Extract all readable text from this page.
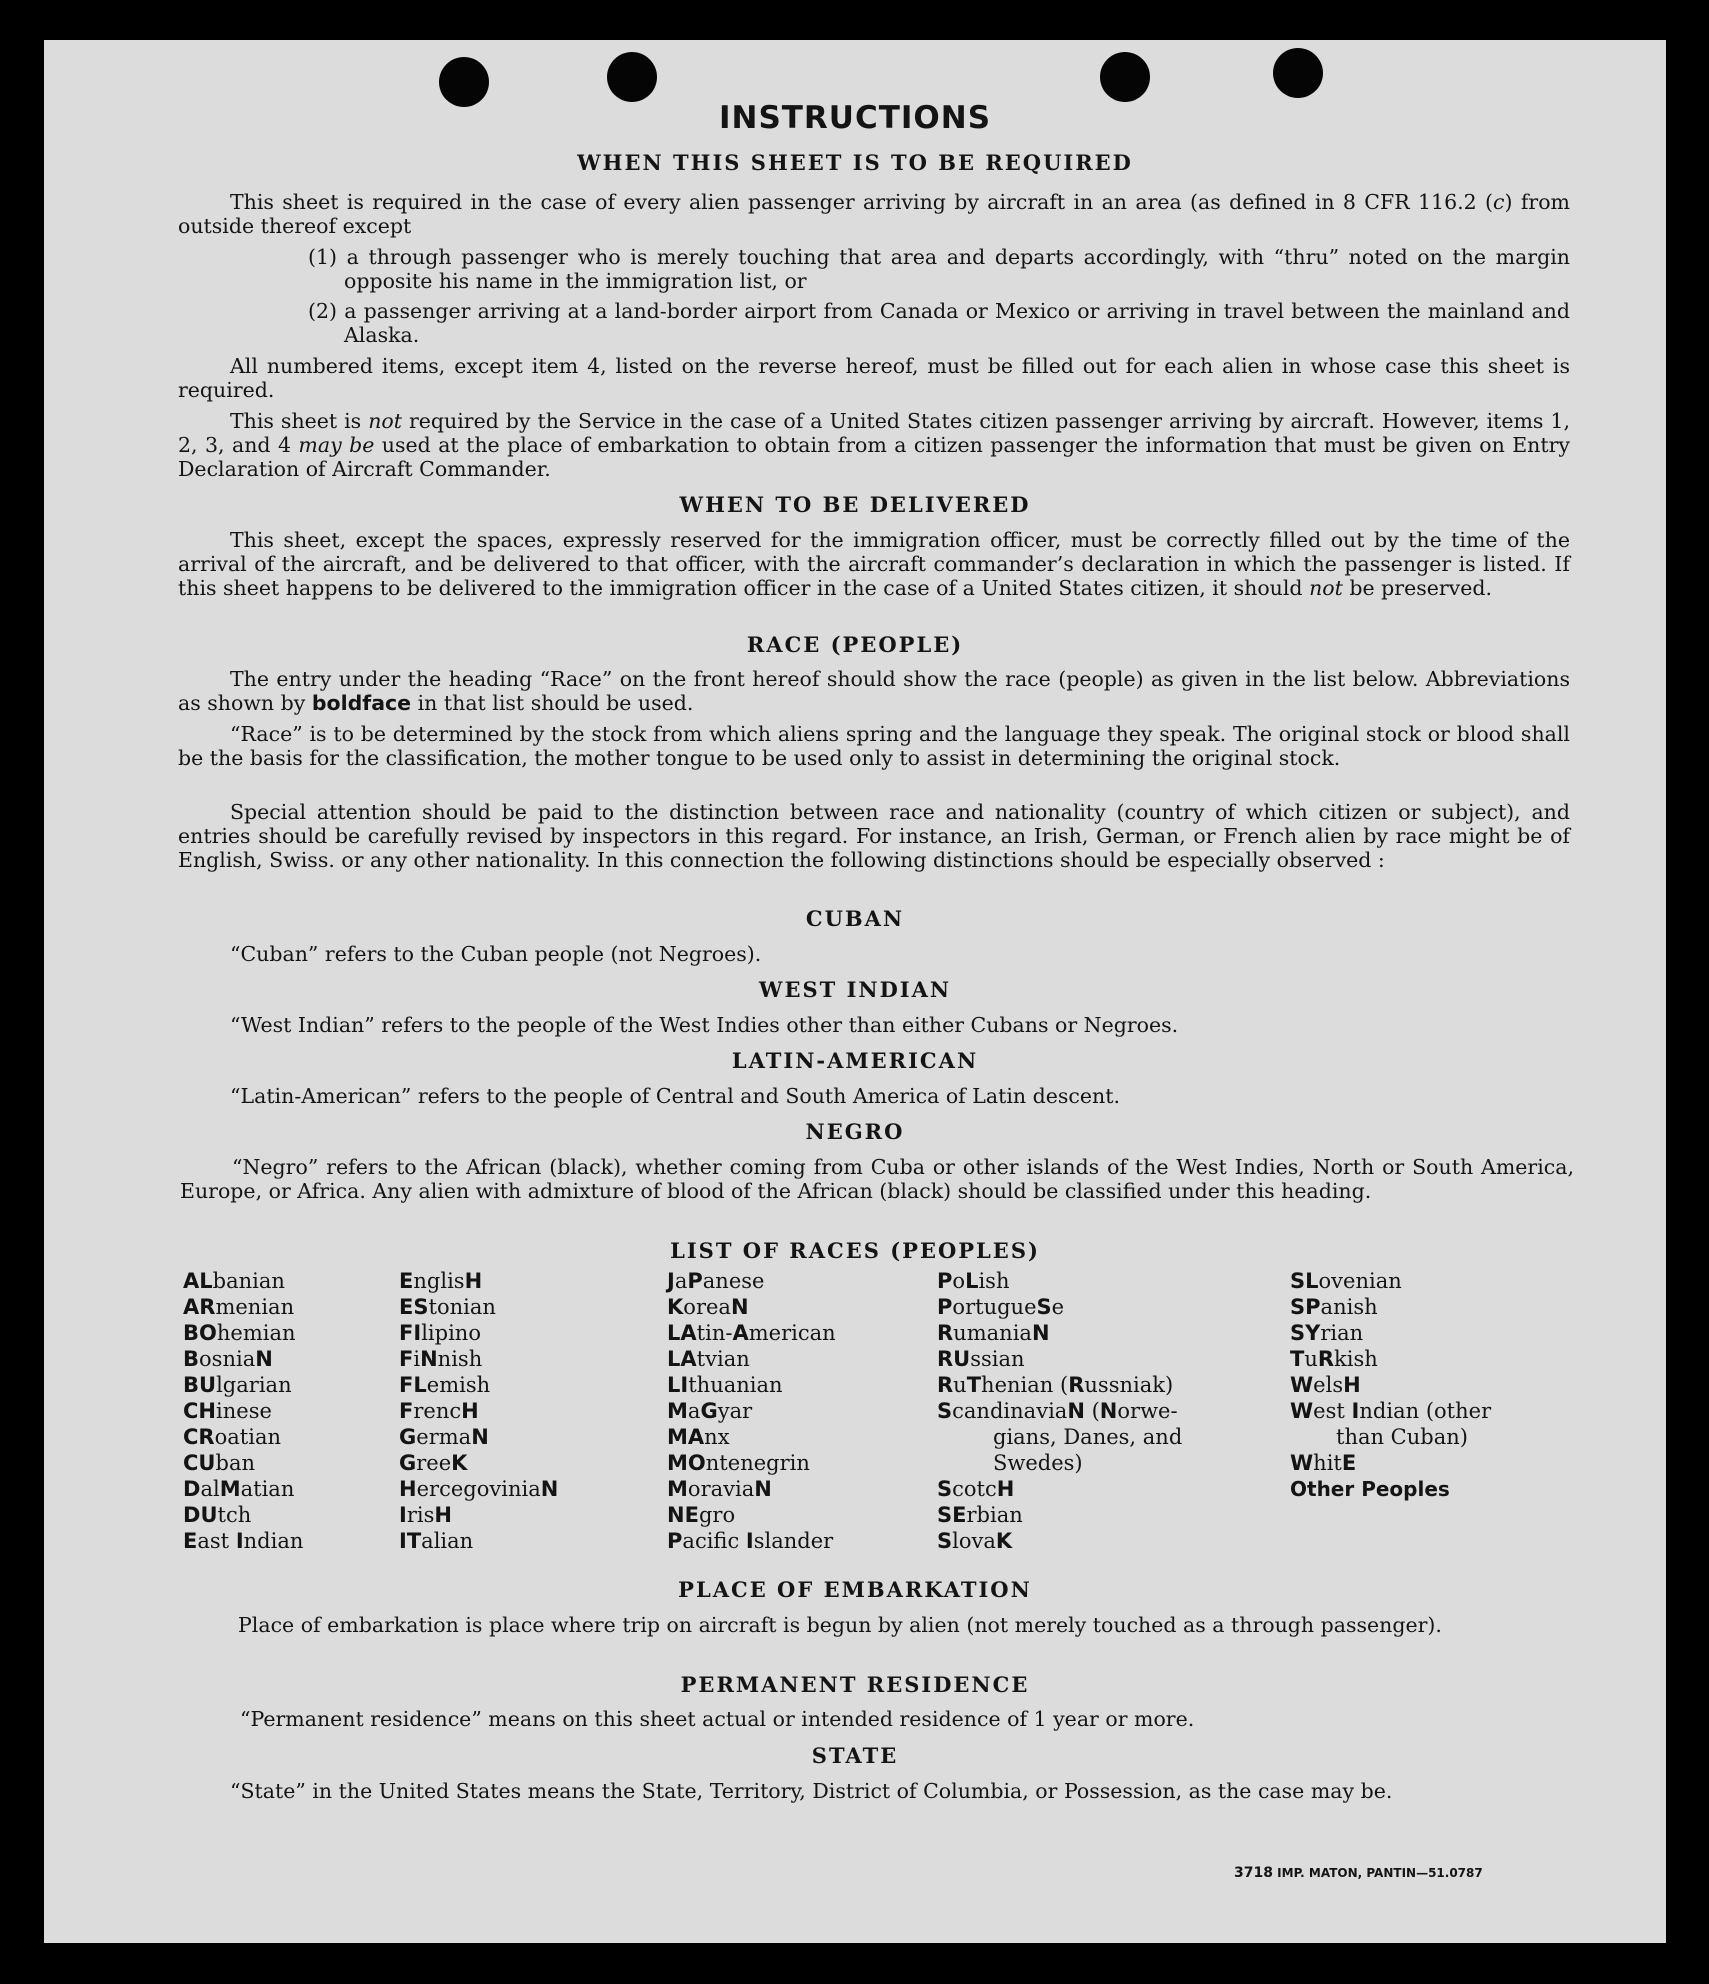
INSTRUCTIONS
WHEN THIS SHEET IS TO BE REQUIRED

This sheet is required in the case of every alien passenger arriving by aircraft in an area (as defined in 8 CFR 116.2 (c) from outside thereof except

(1) a through passenger who is merely touching that area and departs accordingly, with “thru” noted on the margin opposite his name in the immigration list, or

(2) a passenger arriving at a land-border airport from Canada or Mexico or arriving in travel between the mainland and Alaska.

All numbered items, except item 4, listed on the reverse hereof, must be filled out for each alien in whose case this sheet is required.

This sheet is not required by the Service in the case of a United States citizen passenger arriving by aircraft. However, items 1, 2, 3, and 4 may be used at the place of embarkation to obtain from a citizen passenger the information that must be given on Entry Declaration of Aircraft Commander.

WHEN TO BE DELIVERED

This sheet, except the spaces, expressly reserved for the immigration officer, must be correctly filled out by the time of the arrival of the aircraft, and be delivered to that officer, with the aircraft commander’s declaration in which the passenger is listed. If this sheet happens to be delivered to the immigration officer in the case of a United States citizen, it should not be preserved.

RACE (PEOPLE)

The entry under the heading “Race” on the front hereof should show the race (people) as given in the list below. Abbreviations as shown by boldface in that list should be used.

“Race” is to be determined by the stock from which aliens spring and the language they speak. The original stock or blood shall be the basis for the classification, the mother tongue to be used only to assist in determining the original stock.

Special attention should be paid to the distinction between race and nationality (country of which citizen or subject), and entries should be carefully revised by inspectors in this regard. For instance, an Irish, German, or French alien by race might be of English, Swiss. or any other nationality. In this connection the following distinctions should be especially observed :

CUBAN

“Cuban” refers to the Cuban people (not Negroes).

WEST INDIAN

“West Indian” refers to the people of the West Indies other than either Cubans or Negroes.

LATIN-AMERICAN

“Latin-American” refers to the people of Central and South America of Latin descent.

NEGRO

“Negro” refers to the African (black), whether coming from Cuba or other islands of the West Indies, North or South America, Europe, or Africa. Any alien with admixture of blood of the African (black) should be classified under this heading.

LIST OF RACES (PEOPLES)
ALbanian
ARmenian
BOhemian
BosniaN
BUlgarian
CHinese
CRoatian
CUban
DalMatian
DUtch
East Indian
EnglisH
EStonian
FIlipino
FiNnish
FLemish
FrencH
GermaN
GreeK
HercegoviniaN
IrisH
ITalian
JaPanese
KoreaN
LAtin-American
LAtvian
LIthuanian
MaGyar
MAnx
MOntenegrin
MoraviaN
NEgro
Pacifc Islander
PoLish
PortugueSe
RumaniaN
RUssian
RuThenian (Russniak)
ScandinaviaN (Norwe-
gians, Danes, and
Swedes)
ScotcH
SErbian
SlovaK
SLovenian
SPanish
SYrian
TuRkish
WelsH
West Indian (other
than Cuban)
WhitE
Other Peoples
PLACE OF EMBARKATION

Place of embarkation is place where trip on aircraft is begun by alien (not merely touched as a through passenger).

PERMANENT RESIDENCE

“Permanent residence” means on this sheet actual or intended residence of 1 year or more.

STATE

“State” in the United States means the State, Territory, District of Columbia, or Possession, as the case may be.

3718 IMP. MATON, PANTIN—51.0787
